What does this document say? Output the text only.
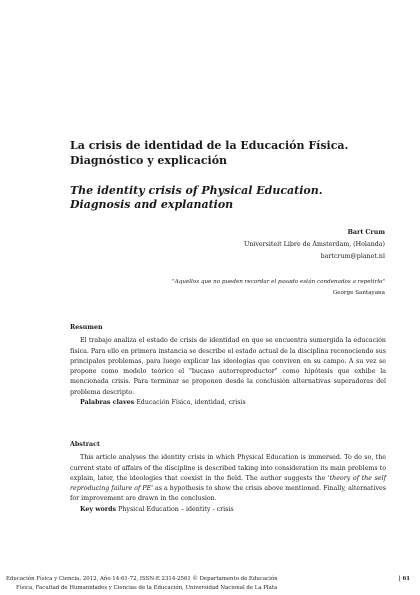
La crisis de identidad de la Educación Física. Diagnóstico y explicación
The identity crisis of Physical Education. Diagnosis and explanation
Bart Crum
Universiteit Libre de Ámsterdam, (Holanda)
bartcrum@planet.nl
"Aquellos que no pueden recordar el pasado están condenados a repetirlo"
George Santayana
Resumen

El trabajo analiza el estado de crisis de identidad en que se encuentra sumergida la educación física. Para ello en primera instancia se describe el estado actual de la disciplina reconociendo sus principales problemas, para luego explicar las ideologías que conviven en su campo. A su vez se propone como modelo teórico el "bucaso autorreproductor" como hipótesis que exhibe la mencionada crisis. Para terminar se proponen desde la conclusión alternativas superadoras del problema descripto.

Palabras claves Educación Física, identidad, crisis

Abstract

This article analyses the identity crisis in which Physical Education is immersed. To do so, the current state of affairs of the discipline is described taking into consideration its main problems to explain, later, the ideologies that coexist in the field. The author suggests the 'theory of the self reproducing failure of PE' as a hypothesis to show the crisis above mentioned. Finally, alternatives for improvement are drawn in the conclusion.

Key words Physical Education – identity - crisis

Educación Física y Ciencia, 2012, Año 14:61-72, ISSN-E 2314-2561 © Departamento de Educación	| 61
Física, Facultad de Humanidades y Ciencias de la Educación, Universidad Nacional de La Plata
